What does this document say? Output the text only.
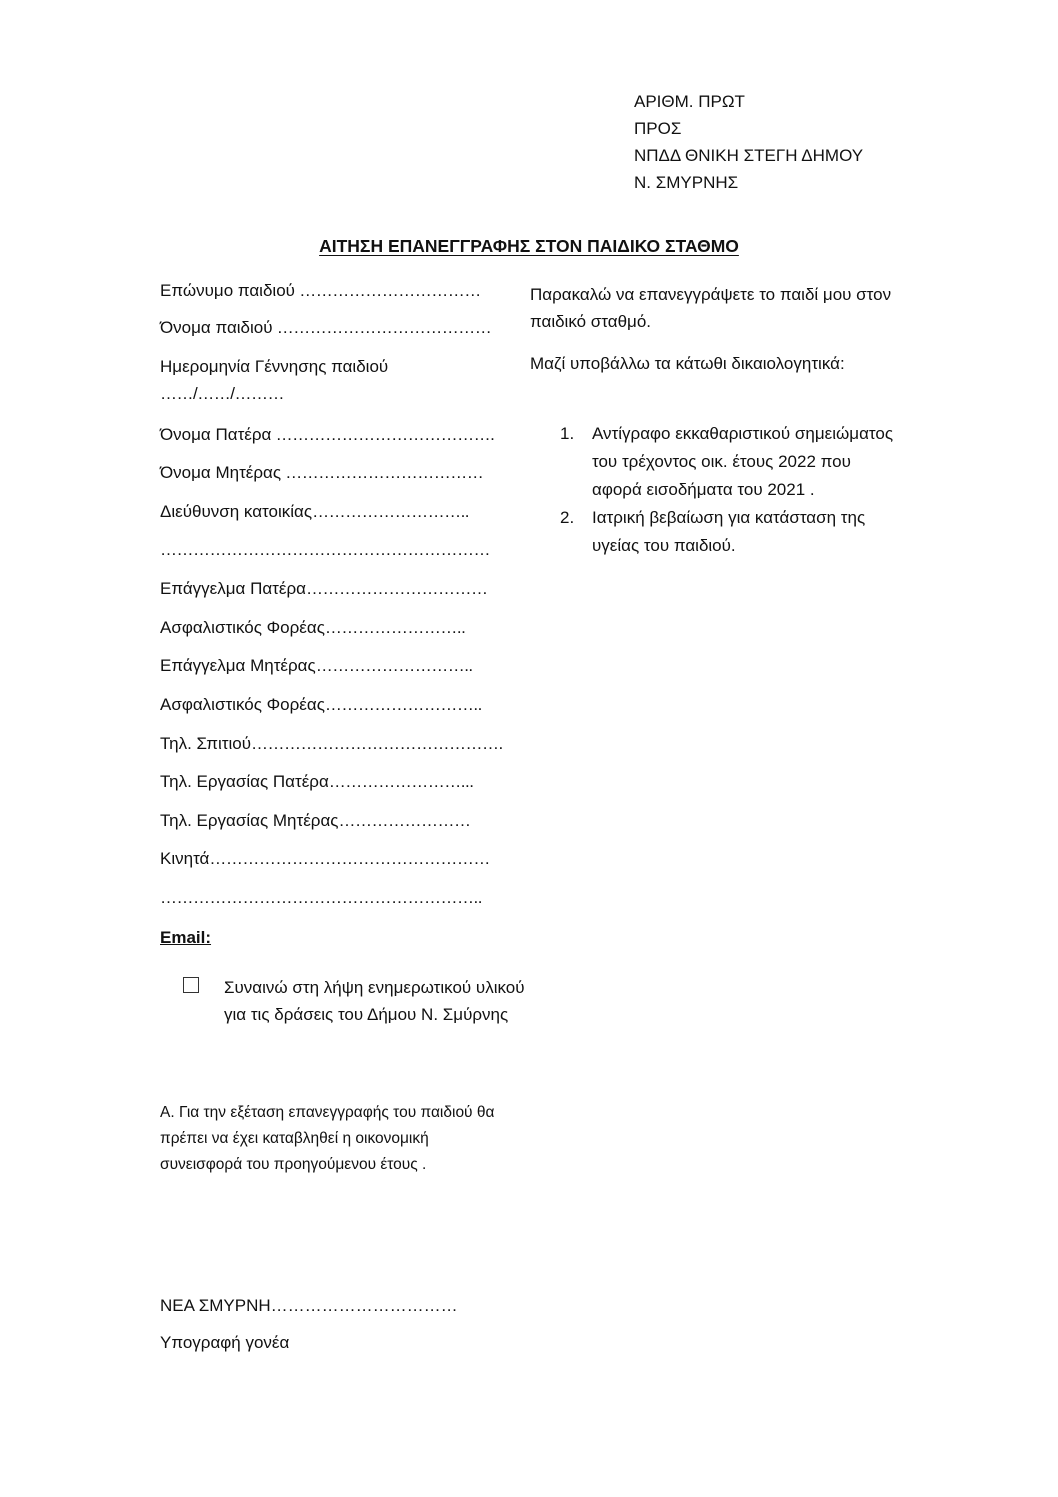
ΑΡΙΘΜ. ΠΡΩΤ
ΠΡΟΣ
ΝΠΔΔ ΘΝΙΚΗ ΣΤΕΓΗ ΔΗΜΟΥ
Ν. ΣΜΥΡΝΗΣ
ΑΙΤΗΣΗ ΕΠΑΝΕΓΓΡΑΦΗΣ ΣΤΟΝ ΠΑΙΔΙΚΟ ΣΤΑΘΜΟ
Επώνυμο παιδιού ……………………………
Όνομα παιδιού …………………………………
Ημερομηνία Γέννησης παιδιού
……/……/………
Όνομα Πατέρα ………………………………….
Όνομα Μητέρας ………………………………
Διεύθυνση κατοικίας………………………..
……………………………………………………
Επάγγελμα Πατέρα……………………………
Ασφαλιστικός Φορέας……………………..
Επάγγελμα Μητέρας………………………..
Ασφαλιστικός Φορέας………………………..
Τηλ. Σπιτιού……………………………………….
Τηλ. Εργασίας Πατέρα……………………...
Τηλ. Εργασίας Μητέρας……………………
Κινητά……………………………………………
…………………………………………………..
Email:
Συναινώ στη λήψη ενημερωτικού υλικού για τις δράσεις του Δήμου Ν. Σμύρνης
Α. Για την εξέταση επανεγγραφής του παιδιού θα πρέπει να έχει καταβληθεί η οικονομική συνεισφορά του προηγούμενου έτους .
Παρακαλώ να επανεγγράψετε το παιδί μου στον παιδικό σταθμό.
Μαζί υποβάλλω τα κάτωθι δικαιολογητικά:
1. Αντίγραφο εκκαθαριστικού σημειώματος του τρέχοντος οικ. έτους 2022 που αφορά εισοδήματα του 2021 .
2. Ιατρική βεβαίωση για κατάσταση της υγείας του παιδιού.
ΝΕΑ ΣΜΥΡΝΗ……………………………
Υπογραφή γονέα
